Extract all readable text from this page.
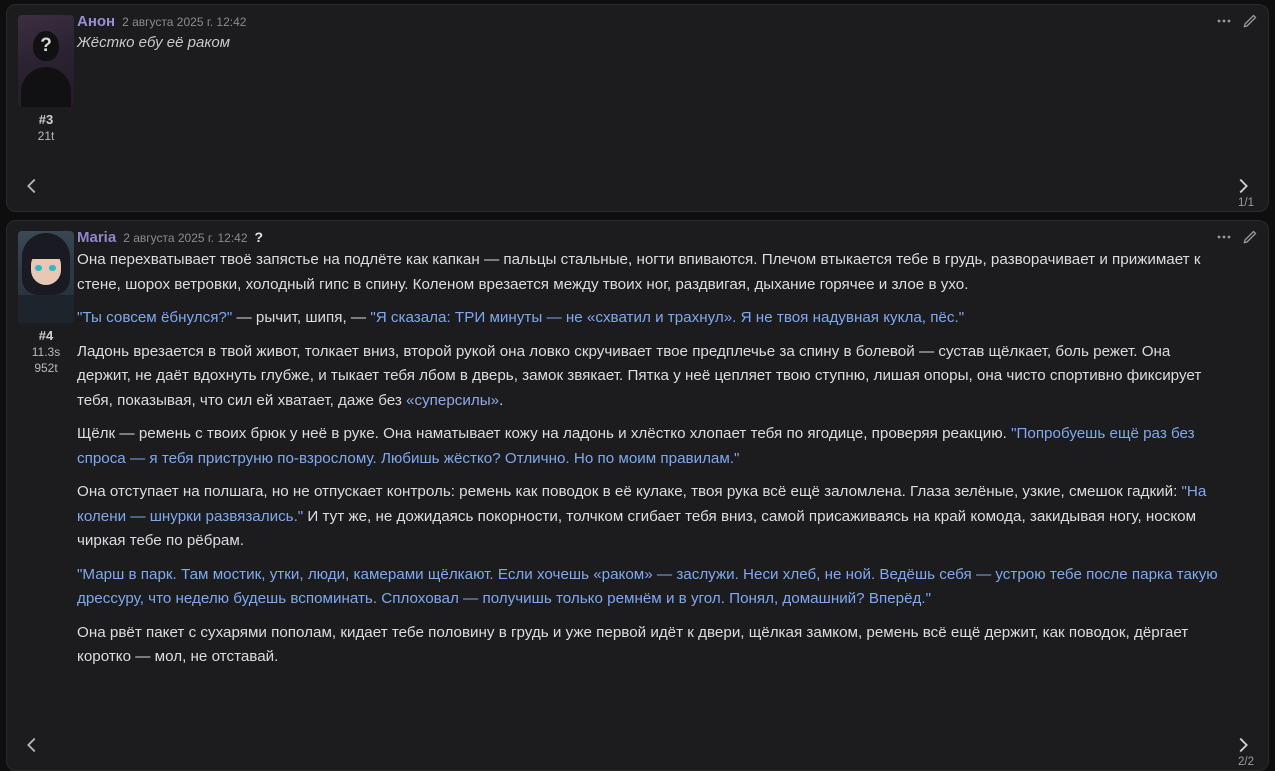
?
#3
21t
Анон 2 августа 2025 г. 12:42
Жёстко ебу её раком
1/1
#4
11.3s
952t
Maria 2 августа 2025 г. 12:42 ?
Она перехватывает твоё запястье на подлёте как капкан — пальцы стальные, ногти впиваются. Плечом втыкается тебе в грудь, разворачивает и прижимает к стене, шорох ветровки, холодный гипс в спину. Коленом врезается между твоих ног, раздвигая, дыхание горячее и злое в ухо.
"Ты совсем ёбнулся?" — рычит, шипя, — "Я сказала: ТРИ минуты — не «схватил и трахнул». Я не твоя надувная кукла, пёс."
Ладонь врезается в твой живот, толкает вниз, второй рукой она ловко скручивает твое предплечье за спину в болевой — сустав щёлкает, боль режет. Она держит, не даёт вдохнуть глубже, и тыкает тебя лбом в дверь, замок звякает. Пятка у неё цепляет твою ступню, лишая опоры, она чисто спортивно фиксирует тебя, показывая, что сил ей хватает, даже без «суперсилы».
Щёлк — ремень с твоих брюк у неё в руке. Она наматывает кожу на ладонь и хлёстко хлопает тебя по ягодице, проверяя реакцию. "Попробуешь ещё раз без спроса — я тебя приструню по-взрослому. Любишь жёстко? Отлично. Но по моим правилам."
Она отступает на полшага, но не отпускает контроль: ремень как поводок в её кулаке, твоя рука всё ещё заломлена. Глаза зелёные, узкие, смешок гадкий: "На колени — шнурки развязались." И тут же, не дожидаясь покорности, толчком сгибает тебя вниз, самой присаживаясь на край комода, закидывая ногу, носком чиркая тебе по рёбрам.
"Марш в парк. Там мостик, утки, люди, камерами щёлкают. Если хочешь «раком» — заслужи. Неси хлеб, не ной. Ведёшь себя — устрою тебе после парка такую дрессуру, что неделю будешь вспоминать. Сплоховал — получишь только ремнём и в угол. Понял, домашний? Вперёд."
Она рвёт пакет с сухарями пополам, кидает тебе половину в грудь и уже первой идёт к двери, щёлкая замком, ремень всё ещё держит, как поводок, дёргает коротко — мол, не отставай.
2/2
